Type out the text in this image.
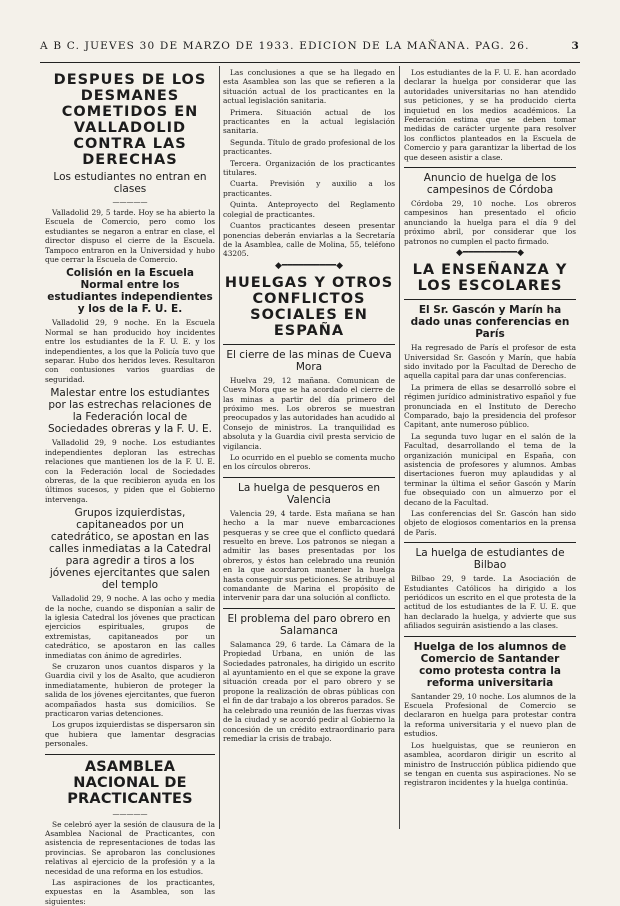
A B C. JUEVES 30 DE MARZO DE 1933. EDICION DE LA MAÑANA. PAG. 26.	3
DESPUES DE LOS DESMANES COMETIDOS EN VALLADOLID CONTRA LAS DERECHAS
Los estudiantes no entran en clases
—————

Valladolid 29, 5 tarde. Hoy se ha abierto la Escuela de Comercio, pero como los estudiantes se negaron a entrar en clase, el director dispuso el cierre de la Escuela. Tampoco entraron en la Universidad y hubo que cerrar la Escuela de Comercio.

Colisión en la Escuela Normal entre los estudiantes independientes y los de la F. U. E.

Valladolid 29, 9 noche. En la Escuela Normal se han producido hoy incidentes entre los estudiantes de la F. U. E. y los independientes, a los que la Policía tuvo que separar. Hubo dos heridos leves. Resultaron con contusiones varios guardias de seguridad.

Malestar entre los estudiantes por las estrechas relaciones de la Federación local de Sociedades obreras y la F. U. E.

Valladolid 29, 9 noche. Los estudiantes independientes deploran las estrechas relaciones que mantienen los de la F. U. E. con la Federación local de Sociedades obreras, de la que recibieron ayuda en los últimos sucesos, y piden que el Gobierno intervenga.

Grupos izquierdistas, capitaneados por un catedrático, se apostan en las calles inmediatas a la Catedral para agredir a tiros a los jóvenes ejercitantes que salen del templo

Valladolid 29, 9 noche. A las ocho y media de la noche, cuando se disponían a salir de la iglesia Catedral los jóvenes que practican ejercicios espirituales, grupos de extremistas, capitaneados por un catedrático, se apostaron en las calles inmediatas con ánimo de agredirles.

Se cruzaron unos cuantos disparos y la Guardia civil y los de Asalto, que acudieron inmediatamente, hubieron de proteger la salida de los jóvenes ejercitantes, que fueron acompañados hasta sus domicilios. Se practicaron varias detenciones.

Los grupos izquierdistas se dispersaron sin que hubiera que lamentar desgracias personales.

ASAMBLEA NACIONAL DE PRACTICANTES
—————

Se celebró ayer la sesión de clausura de la Asamblea Nacional de Practicantes, con asistencia de representaciones de todas las provincias. Se aprobaron las conclusiones relativas al ejercicio de la profesión y a la necesidad de una reforma en los estudios.

Las aspiraciones de los practicantes, expuestas en la Asamblea, son las siguientes:

Las conclusiones a que se ha llegado en esta Asamblea son las que se refieren a la situación actual de los practicantes en la actual legislación sanitaria.

Primera. Situación actual de los practicantes en la actual legislación sanitaria.

Segunda. Título de grado profesional de los practicantes.

Tercera. Organización de los practicantes titulares.

Cuarta. Previsión y auxilio a los practicantes.

Quinta. Anteproyecto del Reglamento colegial de practicantes.

Cuantos practicantes deseen presentar ponencias deberán enviarlas a la Secretaría de la Asamblea, calle de Molina, 55, teléfono 43205.

◆━━━━━━━━━━◆
HUELGAS Y OTROS CONFLICTOS SOCIALES EN ESPAÑA
El cierre de las minas de Cueva Mora

Huelva 29, 12 mañana. Comunican de Cueva Mora que se ha acordado el cierre de las minas a partir del día primero del próximo mes. Los obreros se muestran preocupados y las autoridades han acudido al Consejo de ministros. La tranquilidad es absoluta y la Guardia civil presta servicio de vigilancia.

Lo ocurrido en el pueblo se comenta mucho en los círculos obreros.

La huelga de pesqueros en Valencia

Valencia 29, 4 tarde. Esta mañana se han hecho a la mar nueve embarcaciones pesqueras y se cree que el conflicto quedará resuelto en breve. Los patronos se niegan a admitir las bases presentadas por los obreros, y éstos han celebrado una reunión en la que acordaron mantener la huelga hasta conseguir sus peticiones. Se atribuye al comandante de Marina el propósito de intervenir para dar una solución al conflicto.

El problema del paro obrero en Salamanca

Salamanca 29, 6 tarde. La Cámara de la Propiedad Urbana, en unión de las Sociedades patronales, ha dirigido un escrito al ayuntamiento en el que se expone la grave situación creada por el paro obrero y se propone la realización de obras públicas con el fin de dar trabajo a los obreros parados. Se ha celebrado una reunión de las fuerzas vivas de la ciudad y se acordó pedir al Gobierno la concesión de un crédito extraordinario para remediar la crisis de trabajo.

Los estudiantes de la F. U. E. han acordado declarar la huelga por considerar que las autoridades universitarias no han atendido sus peticiones, y se ha producido cierta inquietud en los medios académicos. La Federación estima que se deben tomar medidas de carácter urgente para resolver los conflictos planteados en la Escuela de Comercio y para garantizar la libertad de los que deseen asistir a clase.

Anuncio de huelga de los campesinos de Córdoba

Córdoba 29, 10 noche. Los obreros campesinos han presentado el oficio anunciando la huelga para el día 9 del próximo abril, por considerar que los patronos no cumplen el pacto firmado.

◆━━━━━━━━━━◆
LA ENSEÑANZA Y LOS ESCOLARES
El Sr. Gascón y Marín ha dado unas conferencias en París

Ha regresado de París el profesor de esta Universidad Sr. Gascón y Marín, que había sido invitado por la Facultad de Derecho de aquella capital para dar unas conferencias.

La primera de ellas se desarrolló sobre el régimen jurídico administrativo español y fue pronunciada en el Instituto de Derecho Comparado, bajo la presidencia del profesor Capitant, ante numeroso público.

La segunda tuvo lugar en el salón de la Facultad, desarrollando el tema de la organización municipal en España, con asistencia de profesores y alumnos. Ambas disertaciones fueron muy aplaudidas y al terminar la última el señor Gascón y Marín fue obsequiado con un almuerzo por el decano de la Facultad.

Las conferencias del Sr. Gascón han sido objeto de elogiosos comentarios en la prensa de París.

La huelga de estudiantes de Bilbao

Bilbao 29, 9 tarde. La Asociación de Estudiantes Católicos ha dirigido a los periódicos un escrito en el que protesta de la actitud de los estudiantes de la F. U. E. que han declarado la huelga, y advierte que sus afiliados seguirán asistiendo a las clases.

Huelga de los alumnos de Comercio de Santander como protesta contra la reforma universitaria

Santander 29, 10 noche. Los alumnos de la Escuela Profesional de Comercio se declararon en huelga para protestar contra la reforma universitaria y el nuevo plan de estudios.

Los huelguistas, que se reunieron en asamblea, acordaron dirigir un escrito al ministro de Instrucción pública pidiendo que se tengan en cuenta sus aspiraciones. No se registraron incidentes y la huelga continúa.
